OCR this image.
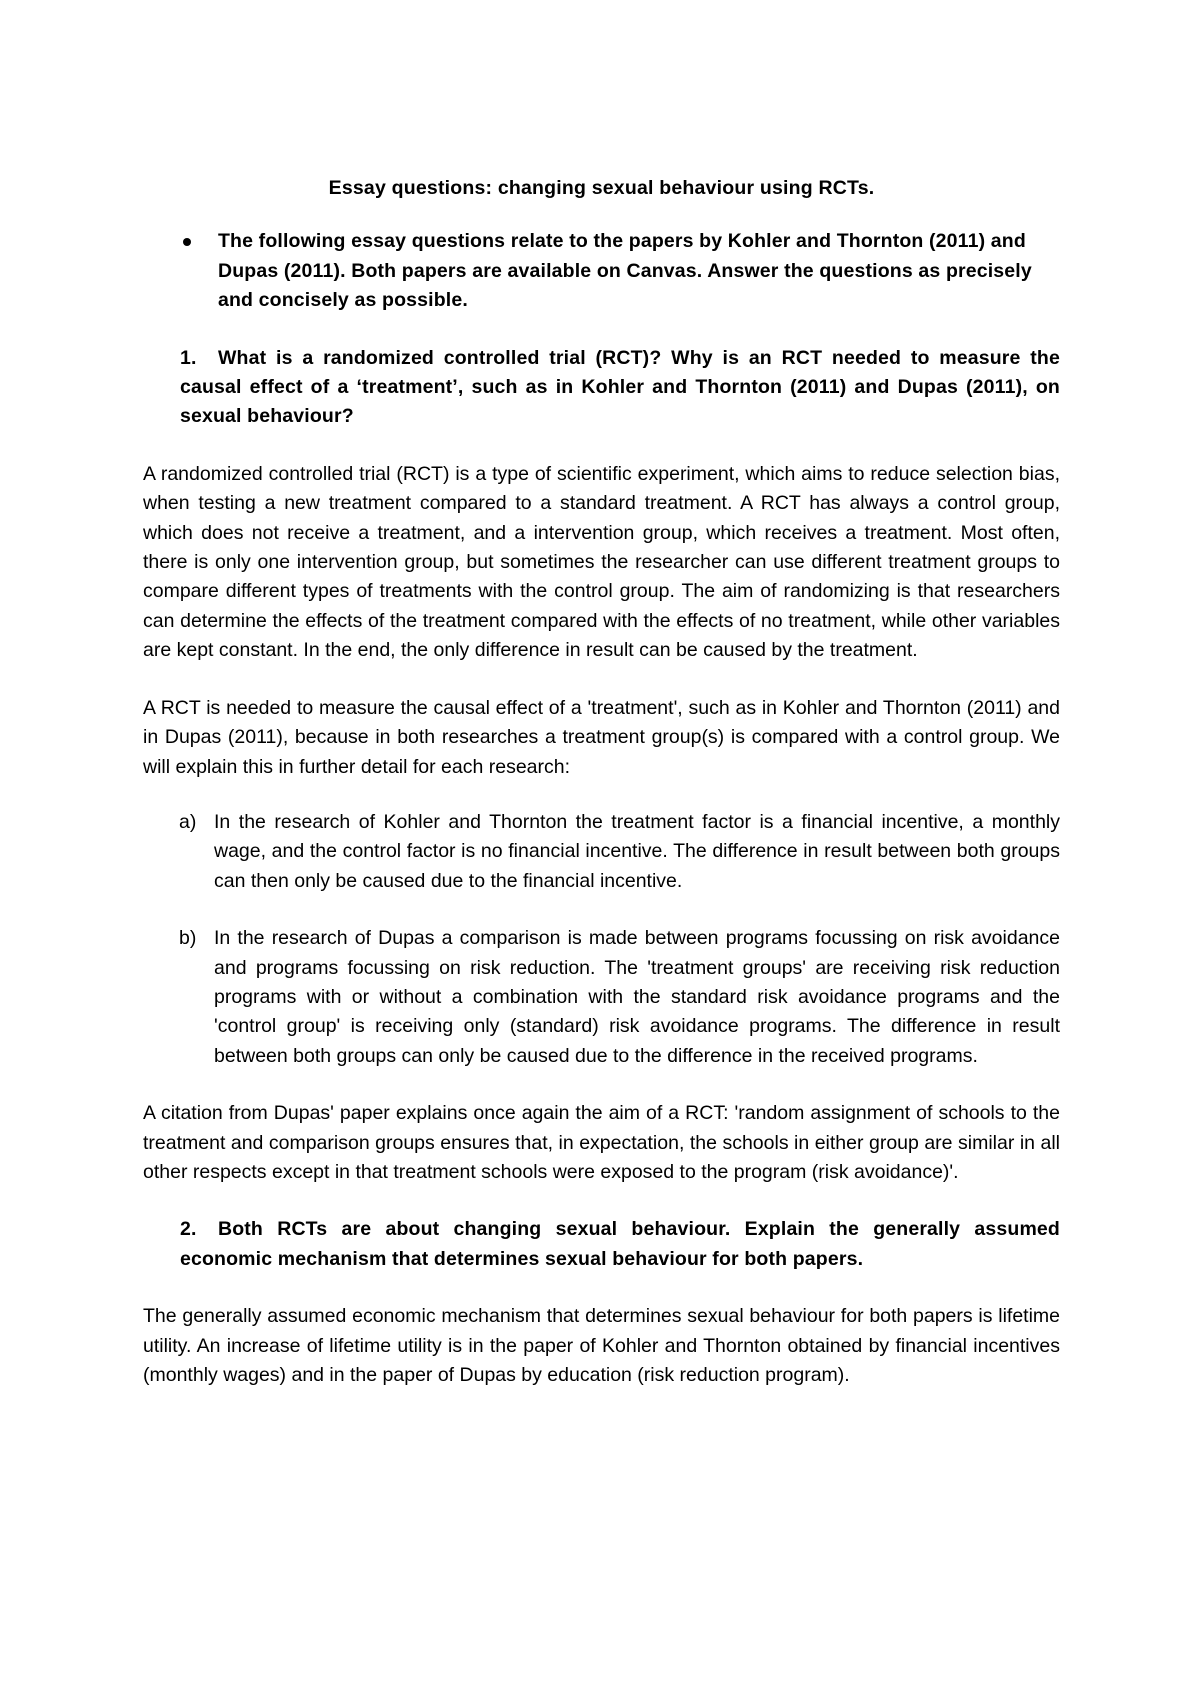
Essay questions: changing sexual behaviour using RCTs.

The following essay questions relate to the papers by Kohler and Thornton (2011) and Dupas (2011). Both papers are available on Canvas. Answer the questions as precisely and concisely as possible.
1.	What is a randomized controlled trial (RCT)? Why is an RCT needed to measure the causal effect of a ‘treatment’, such as in Kohler and Thornton (2011) and Dupas (2011), on sexual behaviour?

A randomized controlled trial (RCT) is a type of scientific experiment, which aims to reduce selection bias, when testing a new treatment compared to a standard treatment. A RCT has always a control group, which does not receive a treatment, and a intervention group, which receives a treatment. Most often, there is only one intervention group, but sometimes the researcher can use different treatment groups to compare different types of treatments with the control group. The aim of randomizing is that researchers can determine the effects of the treatment compared with the effects of no treatment, while other variables are kept constant. In the end, the only difference in result can be caused by the treatment.

A RCT is needed to measure the causal effect of a 'treatment', such as in Kohler and Thornton (2011) and in Dupas (2011), because in both researches a treatment group(s) is compared with a control group. We will explain this in further detail for each research:

a) In the research of Kohler and Thornton the treatment factor is a financial incentive, a monthly wage, and the control factor is no financial incentive. The difference in result between both groups can then only be caused due to the financial incentive.
b) In the research of Dupas a comparison is made between programs focussing on risk avoidance and programs focussing on risk reduction. The 'treatment groups' are receiving risk reduction programs with or without a combination with the standard risk avoidance programs and the 'control group' is receiving only (standard) risk avoidance programs. The difference in result between both groups can only be caused due to the difference in the received programs.

A citation from Dupas' paper explains once again the aim of a RCT: 'random assignment of schools to the treatment and comparison groups ensures that, in expectation, the schools in either group are similar in all other respects except in that treatment schools were exposed to the program (risk avoidance)'.

2.	Both RCTs are about changing sexual behaviour. Explain the generally assumed economic mechanism that determines sexual behaviour for both papers.

The generally assumed economic mechanism that determines sexual behaviour for both papers is lifetime utility. An increase of lifetime utility is in the paper of Kohler and Thornton obtained by financial incentives (monthly wages) and in the paper of Dupas by education (risk reduction program).
